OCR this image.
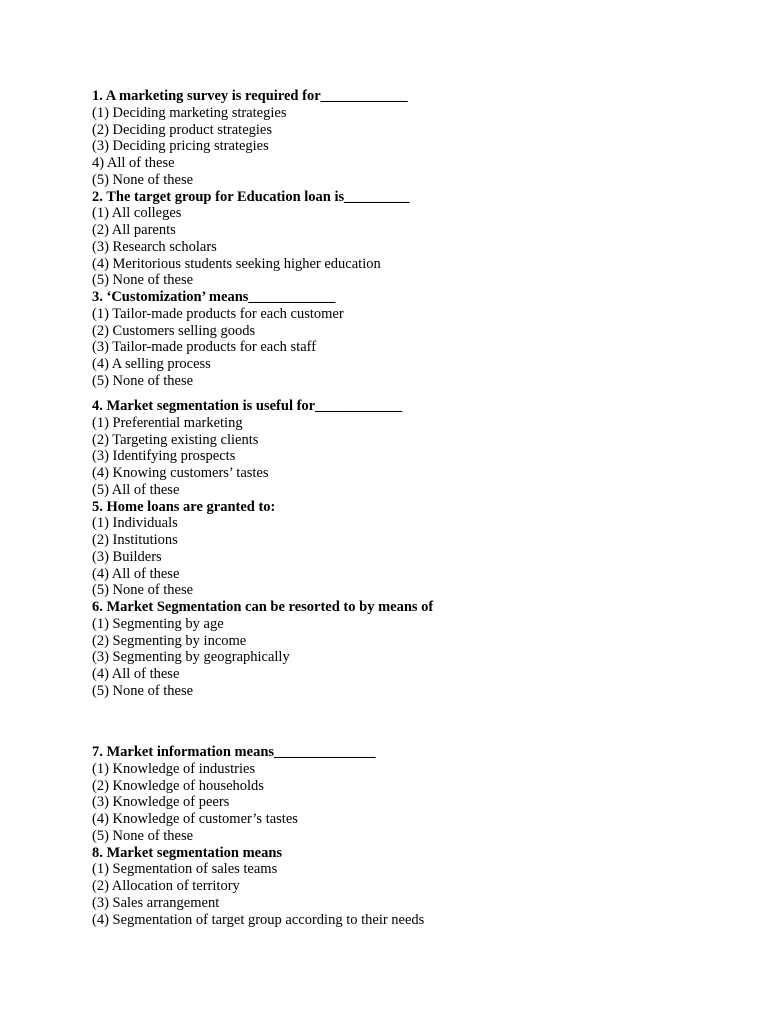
1. A marketing survey is required for____________
(1) Deciding marketing strategies
(2) Deciding product strategies
(3) Deciding pricing strategies
4) All of these
(5) None of these
2. The target group for Education loan is_________
(1) All colleges
(2) All parents
(3) Research scholars
(4) Meritorious students seeking higher education
(5) None of these
3. ‘Customization’ means____________
(1) Tailor-made products for each customer
(2) Customers selling goods
(3) Tailor-made products for each staff
(4) A selling process
(5) None of these
4. Market segmentation is useful for____________
(1) Preferential marketing
(2) Targeting existing clients
(3) Identifying prospects
(4) Knowing customers’ tastes
(5) All of these
5. Home loans are granted to:
(1) Individuals
(2) Institutions
(3) Builders
(4) All of these
(5) None of these
6. Market Segmentation can be resorted to by means of
(1) Segmenting by age
(2) Segmenting by income
(3) Segmenting by geographically
(4) All of these
(5) None of these
7. Market information means______________
(1) Knowledge of industries
(2) Knowledge of households
(3) Knowledge of peers
(4) Knowledge of customer’s tastes
(5) None of these
8. Market segmentation means
(1) Segmentation of sales teams
(2) Allocation of territory
(3) Sales arrangement
(4) Segmentation of target group according to their needs
